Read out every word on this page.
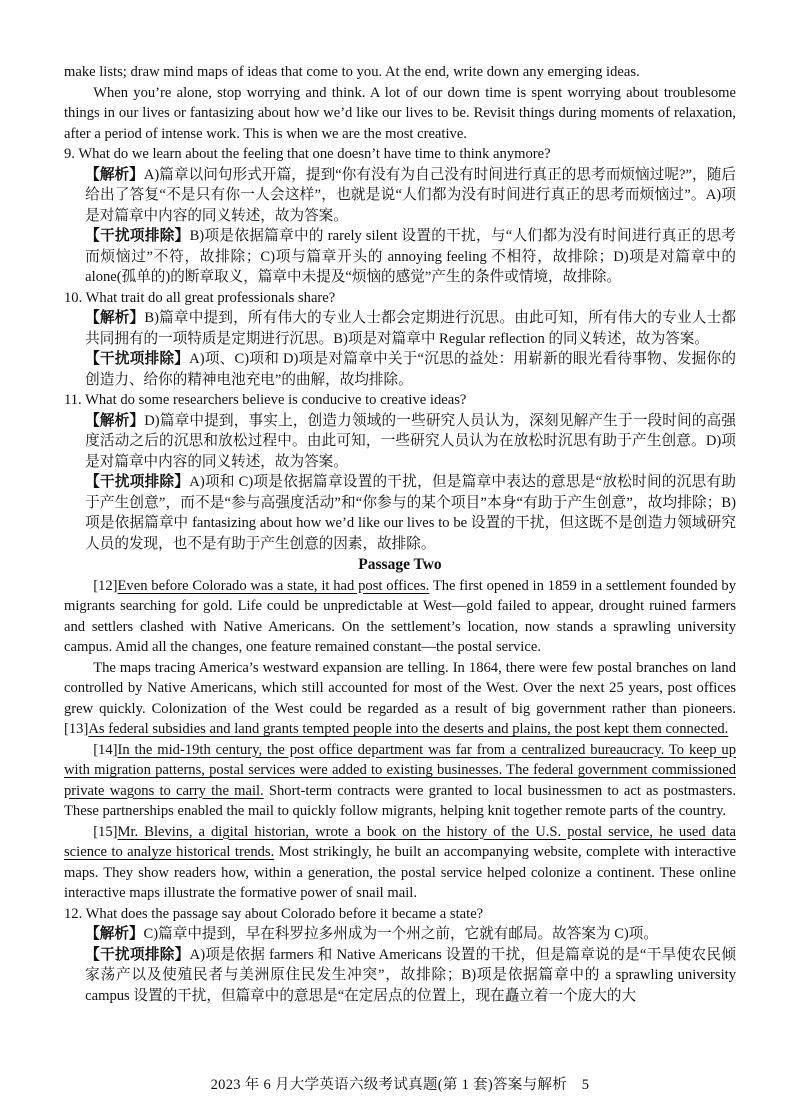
make lists; draw mind maps of ideas that come to you. At the end, write down any emerging ideas.

When you’re alone, stop worrying and think. A lot of our down time is spent worrying about troublesome things in our lives or fantasizing about how we’d like our lives to be. Revisit things during moments of relaxation, after a period of intense work. This is when we are the most creative.

9. What do we learn about the feeling that one doesn’t have time to think anymore?

【解析】A)篇章以问句形式开篇，提到“你有没有为自己没有时间进行真正的思考而烦恼过呢?”，随后给出了答复“不是只有你一人会这样”，也就是说“人们都为没有时间进行真正的思考而烦恼过”。A)项是对篇章中内容的同义转述，故为答案。

【干扰项排除】B)项是依据篇章中的 rarely silent 设置的干扰，与“人们都为没有时间进行真正的思考而烦恼过”不符，故排除；C)项与篇章开头的 annoying feeling 不相符，故排除；D)项是对篇章中的 alone(孤单的)的断章取义，篇章中未提及“烦恼的感觉”产生的条件或情境，故排除。

10. What trait do all great professionals share?

【解析】B)篇章中提到，所有伟大的专业人士都会定期进行沉思。由此可知，所有伟大的专业人士都共同拥有的一项特质是定期进行沉思。B)项是对篇章中 Regular reflection 的同义转述，故为答案。

【干扰项排除】A)项、C)项和 D)项是对篇章中关于“沉思的益处：用崭新的眼光看待事物、发掘你的创造力、给你的精神电池充电”的曲解，故均排除。

11. What do some researchers believe is conducive to creative ideas?

【解析】D)篇章中提到，事实上，创造力领域的一些研究人员认为，深刻见解产生于一段时间的高强度活动之后的沉思和放松过程中。由此可知，一些研究人员认为在放松时沉思有助于产生创意。D)项是对篇章中内容的同义转述，故为答案。

【干扰项排除】A)项和 C)项是依据篇章设置的干扰，但是篇章中表达的意思是“放松时间的沉思有助于产生创意”，而不是“参与高强度活动”和“你参与的某个项目”本身“有助于产生创意”，故均排除；B)项是依据篇章中 fantasizing about how we’d like our lives to be 设置的干扰，但这既不是创造力领域研究人员的发现，也不是有助于产生创意的因素，故排除。

Passage Two

[12]Even before Colorado was a state, it had post offices. The first opened in 1859 in a settlement founded by migrants searching for gold. Life could be unpredictable at West—gold failed to appear, drought ruined farmers and settlers clashed with Native Americans. On the settlement’s location, now stands a sprawling university campus. Amid all the changes, one feature remained constant—the postal service.

The maps tracing America’s westward expansion are telling. In 1864, there were few postal branches on land controlled by Native Americans, which still accounted for most of the West. Over the next 25 years, post offices grew quickly. Colonization of the West could be regarded as a result of big government rather than pioneers. [13]As federal subsidies and land grants tempted people into the deserts and plains, the post kept them connected.

[14]In the mid-19th century, the post office department was far from a centralized bureaucracy. To keep up with migration patterns, postal services were added to existing businesses. The federal government commissioned private wagons to carry the mail. Short-term contracts were granted to local businessmen to act as postmasters. These partnerships enabled the mail to quickly follow migrants, helping knit together remote parts of the country.

[15]Mr. Blevins, a digital historian, wrote a book on the history of the U.S. postal service, he used data science to analyze historical trends. Most strikingly, he built an accompanying website, complete with interactive maps. They show readers how, within a generation, the postal service helped colonize a continent. These online interactive maps illustrate the formative power of snail mail.

12. What does the passage say about Colorado before it became a state?

【解析】C)篇章中提到，早在科罗拉多州成为一个州之前，它就有邮局。故答案为 C)项。

【干扰项排除】A)项是依据 farmers 和 Native Americans 设置的干扰，但是篇章说的是“干旱使农民倾家荡产以及使殖民者与美洲原住民发生冲突”，故排除；B)项是依据篇章中的 a sprawling university campus 设置的干扰，但篇章中的意思是“在定居点的位置上，现在矗立着一个庞大的大

2023 年 6 月大学英语六级考试真题(第 1 套)答案与解析　5
